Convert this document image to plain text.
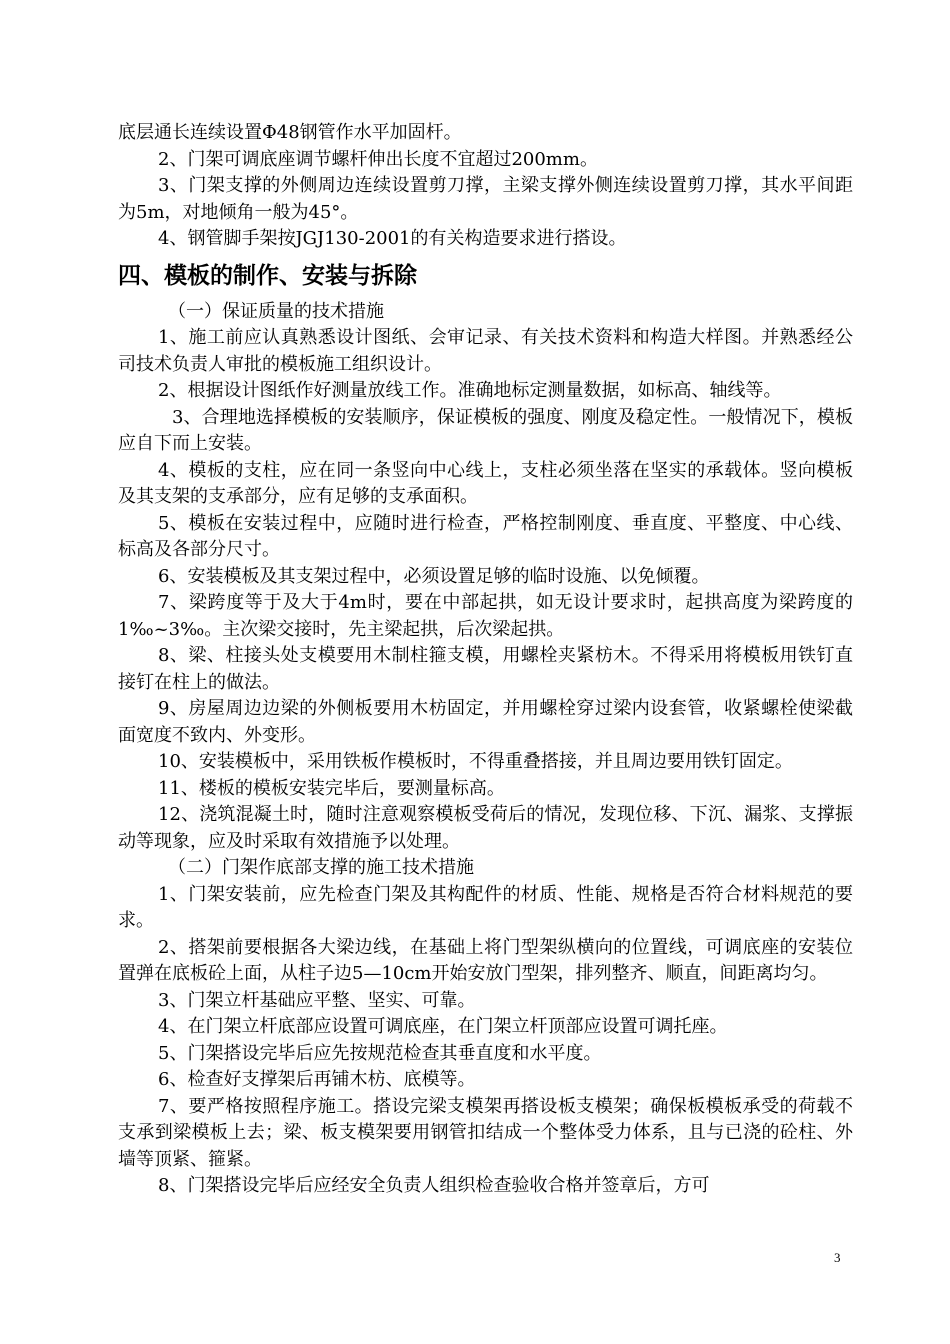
底层通长连续设置Φ48钢管作水平加固杆。

2、门架可调底座调节螺杆伸出长度不宜超过200mm。

3、门架支撑的外侧周边连续设置剪刀撑，主梁支撑外侧连续设置剪刀撑，其水平间距为5m，对地倾角一般为45°。

4、钢管脚手架按JGJ130-2001的有关构造要求进行搭设。

四、模板的制作、安装与拆除

（一）保证质量的技术措施

1、施工前应认真熟悉设计图纸、会审记录、有关技术资料和构造大样图。并熟悉经公司技术负责人审批的模板施工组织设计。

2、根据设计图纸作好测量放线工作。准确地标定测量数据，如标高、轴线等。

3、合理地选择模板的安装顺序，保证模板的强度、刚度及稳定性。一般情况下，模板应自下而上安装。

4、模板的支柱，应在同一条竖向中心线上，支柱必须坐落在坚实的承载体。竖向模板及其支架的支承部分，应有足够的支承面积。

5、模板在安装过程中，应随时进行检查，严格控制刚度、垂直度、平整度、中心线、标高及各部分尺寸。

6、安装模板及其支架过程中，必须设置足够的临时设施、以免倾覆。

7、梁跨度等于及大于4m时，要在中部起拱，如无设计要求时，起拱高度为梁跨度的1‰~3‰。主次梁交接时，先主梁起拱，后次梁起拱。

8、梁、柱接头处支模要用木制柱箍支模，用螺栓夹紧枋木。不得采用将模板用铁钉直接钉在柱上的做法。

9、房屋周边边梁的外侧板要用木枋固定，并用螺栓穿过梁内设套管，收紧螺栓使梁截面宽度不致内、外变形。

10、安装模板中，采用铁板作模板时，不得重叠搭接，并且周边要用铁钉固定。

11、楼板的模板安装完毕后，要测量标高。

12、浇筑混凝土时，随时注意观察模板受荷后的情况，发现位移、下沉、漏浆、支撑振动等现象，应及时采取有效措施予以处理。

（二）门架作底部支撑的施工技术措施

1、门架安装前，应先检查门架及其构配件的材质、性能、规格是否符合材料规范的要求。

2、搭架前要根据各大梁边线，在基础上将门型架纵横向的位置线，可调底座的安装位置弹在底板砼上面，从柱子边5—10cm开始安放门型架，排列整齐、顺直，间距离均匀。

3、门架立杆基础应平整、坚实、可靠。

4、在门架立杆底部应设置可调底座，在门架立杆顶部应设置可调托座。

5、门架搭设完毕后应先按规范检查其垂直度和水平度。

6、检查好支撑架后再铺木枋、底模等。

7、要严格按照程序施工。搭设完梁支模架再搭设板支模架；确保板模板承受的荷载不支承到梁模板上去；梁、板支模架要用钢管扣结成一个整体受力体系，且与已浇的砼柱、外墙等顶紧、箍紧。

8、门架搭设完毕后应经安全负责人组织检查验收合格并签章后，方可

3
